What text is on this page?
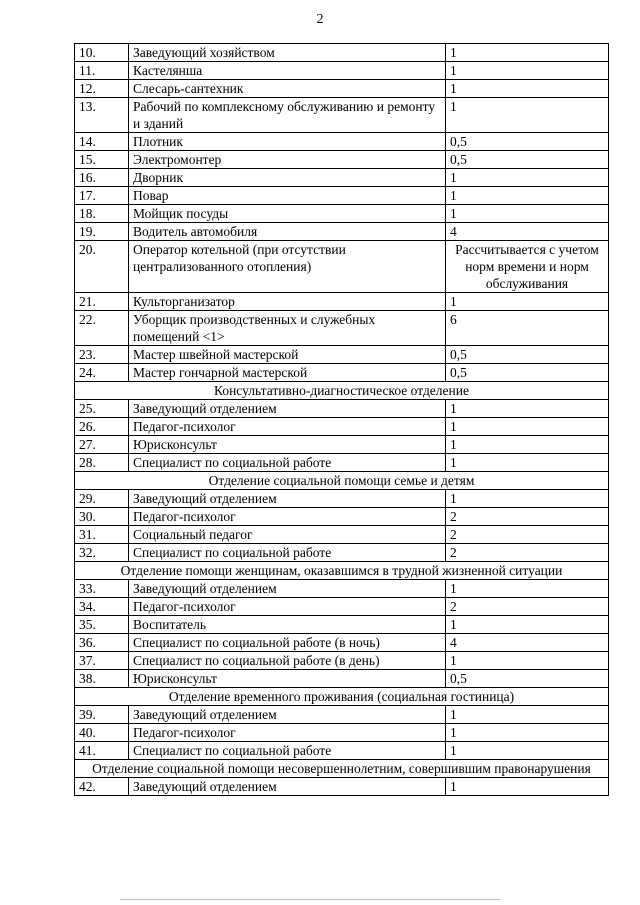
2
10.	Заведующий хозяйством	1
11.	Кастелянша	1
12.	Слесарь-сантехник	1
13.	Рабочий по комплексному обслуживанию и ремонту и зданий	1
14.	Плотник	0,5
15.	Электромонтер	0,5
16.	Дворник	1
17.	Повар	1
18.	Мойщик посуды	1
19.	Водитель автомобиля	4
20.	Оператор котельной (при отсутствии централизованного отопления)	Рассчитывается с учетом норм времени и норм обслуживания
21.	Культорганизатор	1
22.	Уборщик производственных и служебных помещений <1>	6
23.	Мастер швейной мастерской	0,5
24.	Мастер гончарной мастерской	0,5
Консультативно-диагностическое отделение		
25.	Заведующий отделением	1
26.	Педагог-психолог	1
27.	Юрисконсульт	1
28.	Специалист по социальной работе	1
Отделение социальной помощи семье и детям		
29.	Заведующий отделением	1
30.	Педагог-психолог	2
31.	Социальный педагог	2
32.	Специалист по социальной работе	2
Отделение помощи женщинам, оказавшимся в трудной жизненной ситуации		
33.	Заведующий отделением	1
34.	Педагог-психолог	2
35.	Воспитатель	1
36.	Специалист по социальной работе (в ночь)	4
37.	Специалист по социальной работе (в день)	1
38.	Юрисконсульт	0,5
Отделение временного проживания (социальная гостиница)		
39.	Заведующий отделением	1
40.	Педагог-психолог	1
41.	Специалист по социальной работе	1
Отделение социальной помощи несовершеннолетним, совершившим правонарушения		
42.	Заведующий отделением	1
